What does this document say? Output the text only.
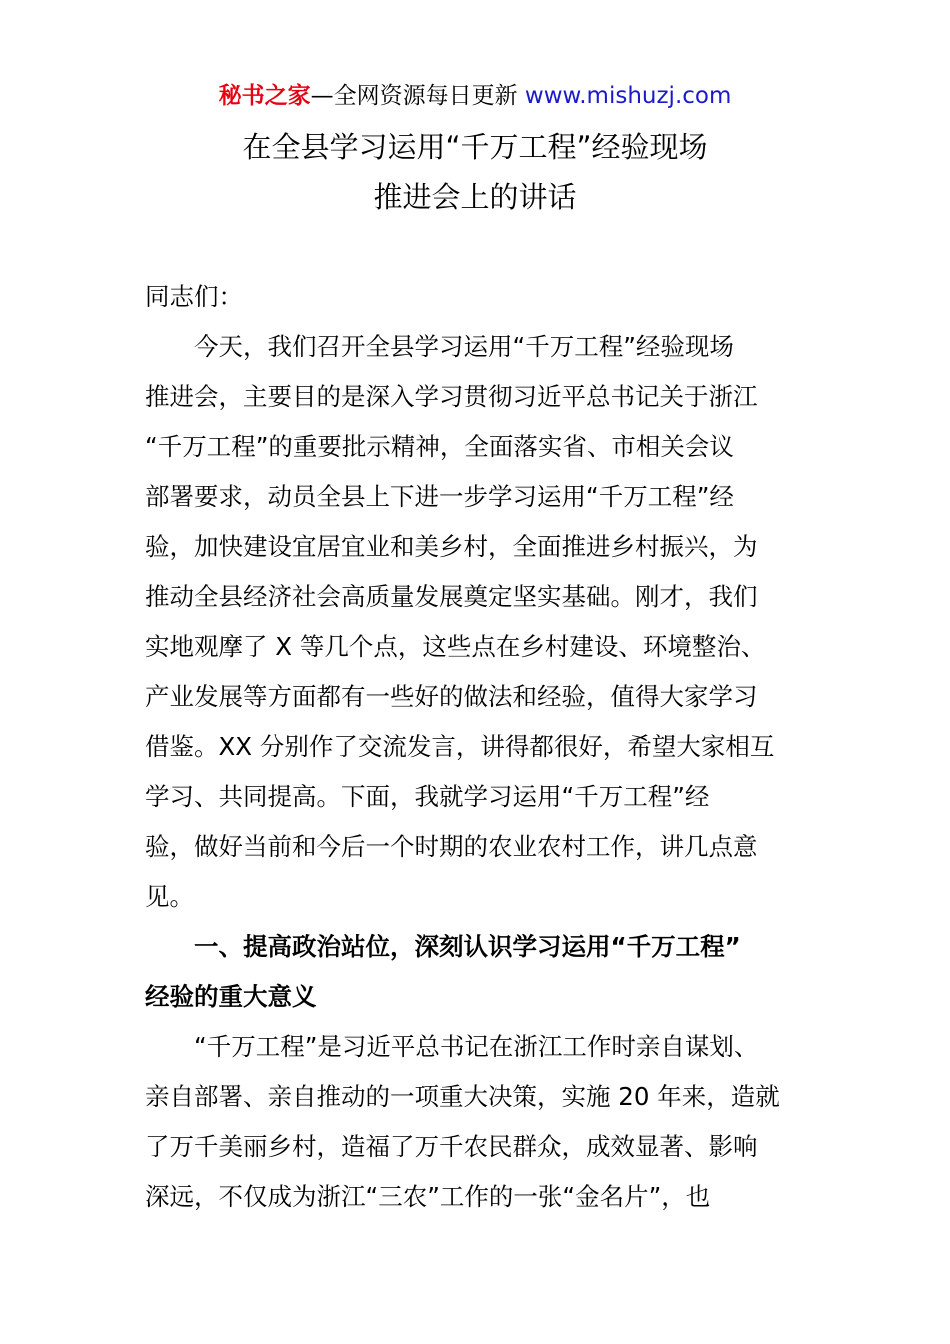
秘书之家—全网资源每日更新 www.mishuzj.com
在全县学习运用“千万工程”经验现场
推进会上的讲话
同志们：
今天，我们召开全县学习运用“千万工程”经验现场
推进会，主要目的是深入学习贯彻习近平总书记关于浙江
“千万工程”的重要批示精神，全面落实省、市相关会议
部署要求，动员全县上下进一步学习运用“千万工程”经
验，加快建设宜居宜业和美乡村，全面推进乡村振兴，为
推动全县经济社会高质量发展奠定坚实基础。刚才，我们
实地观摩了 X 等几个点，这些点在乡村建设、环境整治、
产业发展等方面都有一些好的做法和经验，值得大家学习
借鉴。XX 分别作了交流发言，讲得都很好，希望大家相互
学习、共同提高。下面，我就学习运用“千万工程”经
验，做好当前和今后一个时期的农业农村工作，讲几点意
见。
一、提高政治站位，深刻认识学习运用“千万工程”
经验的重大意义
“千万工程”是习近平总书记在浙江工作时亲自谋划、
亲自部署、亲自推动的一项重大决策，实施 20 年来，造就
了万千美丽乡村，造福了万千农民群众，成效显著、影响
深远，不仅成为浙江“三农”工作的一张“金名片”，也
